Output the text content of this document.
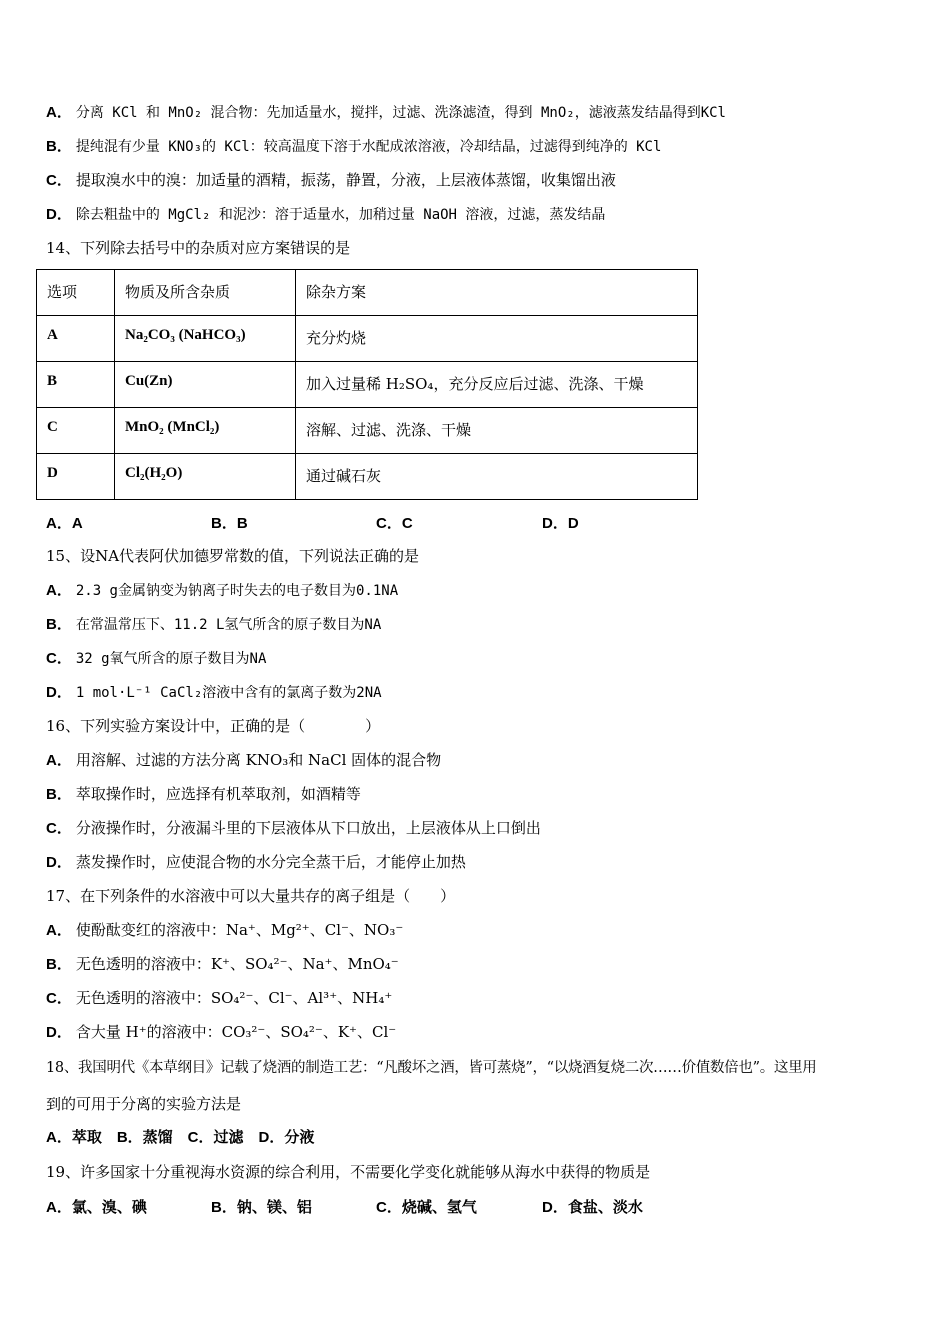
A． 分离 KCl 和 MnO₂ 混合物：先加适量水，搅拌，过滤、洗涤滤渣，得到 MnO₂，滤液蒸发结晶得到KCl
B． 提纯混有少量 KNO₃的 KCl：较高温度下溶于水配成浓溶液，冷却结晶，过滤得到纯净的 KCl
C． 提取溴水中的溴：加适量的酒精，振荡，静置，分液，上层液体蒸馏，收集馏出液
D． 除去粗盐中的 MgCl₂ 和泥沙：溶于适量水，加稍过量 NaOH 溶液，过滤，蒸发结晶
14、下列除去括号中的杂质对应方案错误的是
选项	物质及所含杂质	除杂方案
A	Na₂CO₃ (NaHCO₃)	充分灼烧
B	Cu(Zn)	加入过量稀 H₂SO₄，充分反应后过滤、洗涤、干燥
C	MnO₂ (MnCl₂)	溶解、过滤、洗涤、干燥
D	Cl₂(H₂O)	通过碱石灰
A．A	B．B	C．C	D．D
15、设NA代表阿伏加德罗常数的值，下列说法正确的是
A． 2.3 g金属钠变为钠离子时失去的电子数目为0.1NA
B． 在常温常压下、11.2 L氢气所含的原子数目为NA
C． 32 g氧气所含的原子数目为NA
D． 1 mol·L⁻¹ CaCl₂溶液中含有的氯离子数为2NA
16、下列实验方案设计中，正确的是（　　　　）
A． 用溶解、过滤的方法分离 KNO₃和 NaCl 固体的混合物
B． 萃取操作时，应选择有机萃取剂，如酒精等
C． 分液操作时，分液漏斗里的下层液体从下口放出，上层液体从上口倒出
D． 蒸发操作时，应使混合物的水分完全蒸干后，才能停止加热
17、在下列条件的水溶液中可以大量共存的离子组是（　　）
A． 使酚酞变红的溶液中：Na⁺、Mg²⁺、Cl⁻、NO₃⁻
B． 无色透明的溶液中：K⁺、SO₄²⁻、Na⁺、MnO₄⁻
C． 无色透明的溶液中：SO₄²⁻、Cl⁻、Al³⁺、NH₄⁺
D． 含大量 H⁺的溶液中：CO₃²⁻、SO₄²⁻、K⁺、Cl⁻
18、我国明代《本草纲目》记载了烧酒的制造工艺：“凡酸坏之酒，皆可蒸烧”，“以烧酒复烧二次……价值数倍也”。这里用
到的可用于分离的实验方法是
A．萃取　B．蒸馏　C．过滤　D．分液
19、许多国家十分重视海水资源的综合利用，不需要化学变化就能够从海水中获得的物质是
A．氯、溴、碘	B．钠、镁、铝	C．烧碱、氢气	D．食盐、淡水
